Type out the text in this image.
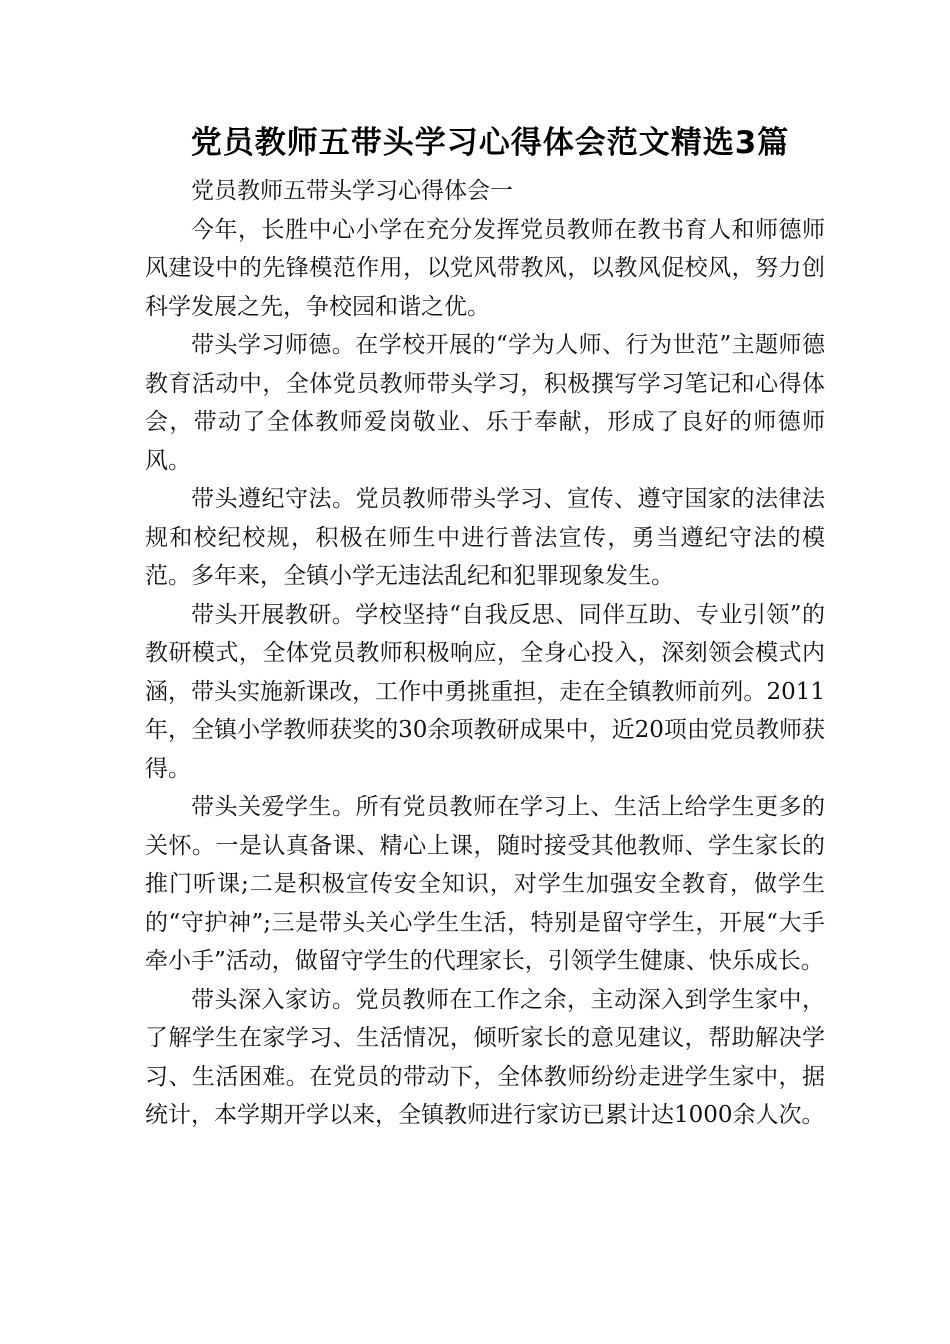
党员教师五带头学习心得体会范文精选3篇

党员教师五带头学习心得体会一

今年，长胜中心小学在充分发挥党员教师在教书育人和师德师风建设中的先锋模范作用，以党风带教风，以教风促校风，努力创科学发展之先，争校园和谐之优。

带头学习师德。在学校开展的“学为人师、行为世范”主题师德教育活动中，全体党员教师带头学习，积极撰写学习笔记和心得体会，带动了全体教师爱岗敬业、乐于奉献，形成了良好的师德师风。

带头遵纪守法。党员教师带头学习、宣传、遵守国家的法律法规和校纪校规，积极在师生中进行普法宣传，勇当遵纪守法的模范。多年来，全镇小学无违法乱纪和犯罪现象发生。

带头开展教研。学校坚持“自我反思、同伴互助、专业引领”的教研模式，全体党员教师积极响应，全身心投入，深刻领会模式内涵，带头实施新课改，工作中勇挑重担，走在全镇教师前列。2011年，全镇小学教师获奖的30余项教研成果中，近20项由党员教师获得。

带头关爱学生。所有党员教师在学习上、生活上给学生更多的关怀。一是认真备课、精心上课，随时接受其他教师、学生家长的推门听课;二是积极宣传安全知识，对学生加强安全教育，做学生的“守护神”;三是带头关心学生生活，特别是留守学生，开展“大手牵小手”活动，做留守学生的代理家长，引领学生健康、快乐成长。

带头深入家访。党员教师在工作之余，主动深入到学生家中，了解学生在家学习、生活情况，倾听家长的意见建议，帮助解决学习、生活困难。在党员的带动下，全体教师纷纷走进学生家中，据统计，本学期开学以来，全镇教师进行家访已累计达1000余人次。
